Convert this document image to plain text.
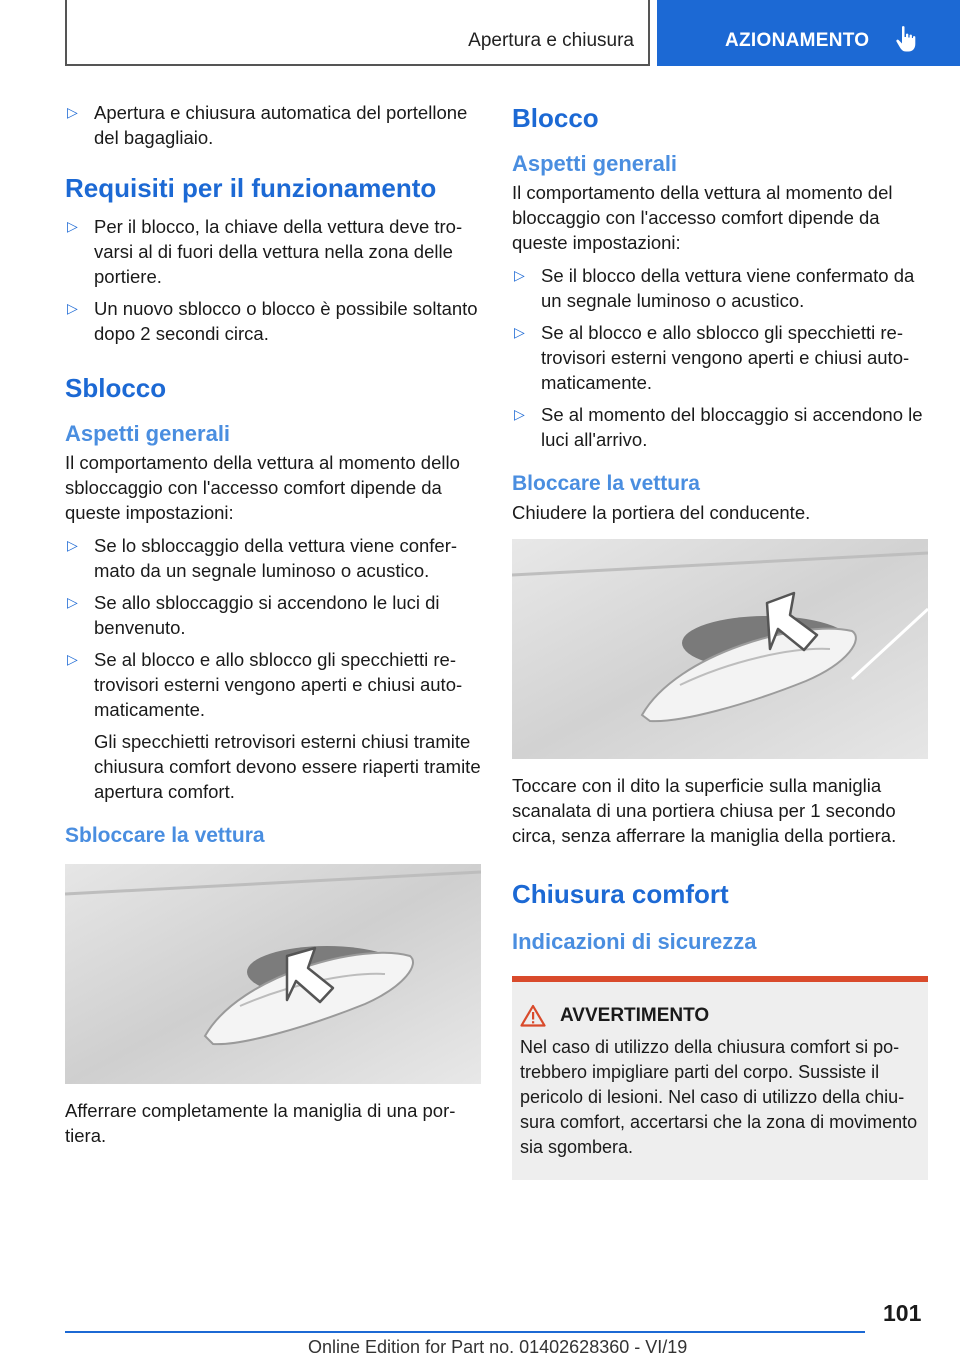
Apertura e chiusura	AZIONAMENTO
▷ Apertura e chiusura automatica del portellone del bagagliaio.
Requisiti per il funzionamento
▷ Per il blocco, la chiave della vettura deve trovarsi al di fuori della vettura nella zona delle portiere.
▷ Un nuovo sblocco o blocco è possibile soltanto dopo 2 secondi circa.
Sblocco
Aspetti generali

Il comportamento della vettura al momento dello sbloccaggio con l'accesso comfort dipende da queste impostazioni:

▷ Se lo sbloccaggio della vettura viene confermato da un segnale luminoso o acustico.
▷ Se allo sbloccaggio si accendono le luci di benvenuto.
▷ Se al blocco e allo sblocco gli specchietti retrovisori esterni vengono aperti e chiusi automaticamente.

Gli specchietti retrovisori esterni chiusi tramite chiusura comfort devono essere riaperti tramite apertura comfort.

Sbloccare la vettura

Afferrare completamente la maniglia di una portiera.

Blocco
Aspetti generali

Il comportamento della vettura al momento del bloccaggio con l'accesso comfort dipende da queste impostazioni:

▷ Se il blocco della vettura viene confermato da un segnale luminoso o acustico.
▷ Se al blocco e allo sblocco gli specchietti retrovisori esterni vengono aperti e chiusi automaticamente.
▷ Se al momento del bloccaggio si accendono le luci all'arrivo.
Bloccare la vettura

Chiudere la portiera del conducente.

Toccare con il dito la superficie sulla maniglia scanalata di una portiera chiusa per 1 secondo circa, senza afferrare la maniglia della portiera.

Chiusura comfort
Indicazioni di sicurezza
AVVERTIMENTO

Nel caso di utilizzo della chiusura comfort si potrebbero impigliare parti del corpo. Sussiste il pericolo di lesioni. Nel caso di utilizzo della chiusura comfort, accertarsi che la zona di movimento sia sgombera.

101
Online Edition for Part no. 01402628360 - VI/19
